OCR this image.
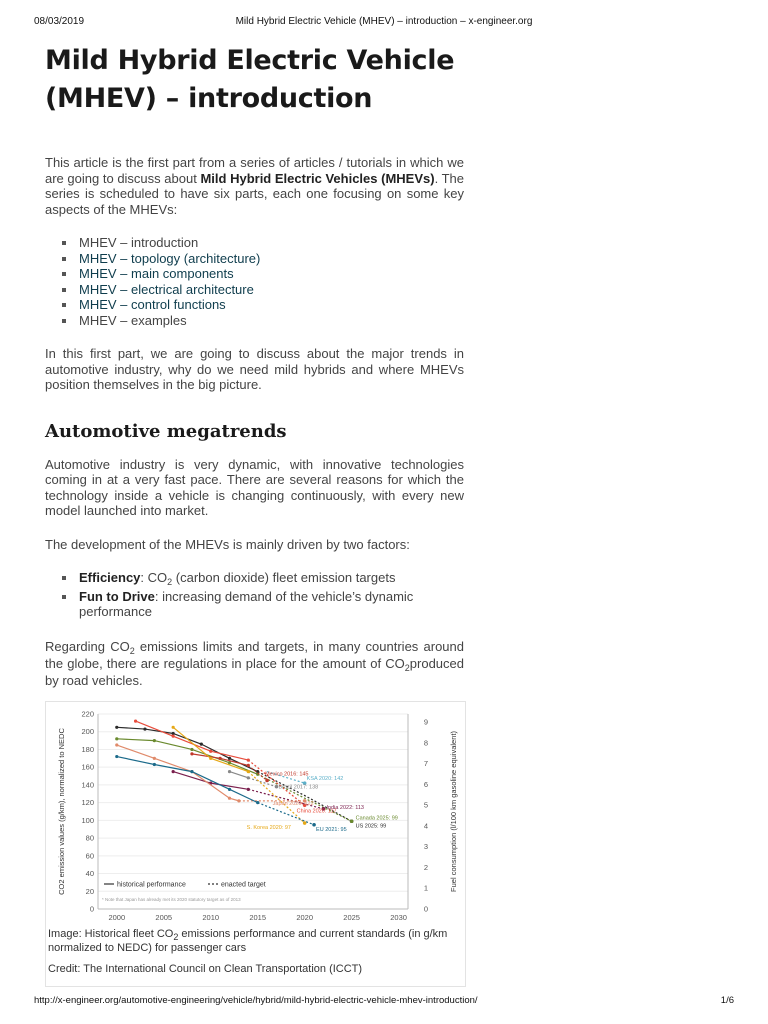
08/03/2019	Mild Hybrid Electric Vehicle (MHEV) – introduction – x-engineer.org
Mild Hybrid Electric Vehicle
(MHEV) – introduction

This article is the first part from a series of articles / tutorials in which we are going to discuss about Mild Hybrid Electric Vehicles (MHEVs). The series is scheduled to have six parts, each one focusing on some key aspects of the MHEVs:

MHEV – introduction
MHEV – topology (architecture)
MHEV – main components
MHEV – electrical architecture
MHEV – control functions
MHEV – examples

In this first part, we are going to discuss about the major trends in automotive industry, why do we need mild hybrids and where MHEVs position themselves in the big picture.

Automotive megatrends

Automotive industry is very dynamic, with innovative technologies coming in at a very fast pace. There are several reasons for which the technology inside a vehicle is changing continuously, with every new model launched into market.

The development of the MHEVs is mainly driven by two factors:

Efficiency: $CO_2$ (carbon dioxide) fleet emission targets
Fun to Drive: increasing demand of the vehicle’s dynamic performance

Regarding $CO_2$ emissions limits and targets, in many countries around the globe, there are regulations in place for the amount of $CO_2produced$ by road vehicles.

0
20
40
60
80
100
120
140
160
180
200
220
0
1
2
3
4
5
6
7
8
9
2000	2005	2010	2015	2020	2025	2030
CO2 emission values (g/km), normalized to NEDC	Fuel consumption (l/100 km gasoline equivalent)
US 2025: 99
Canada 2025: 99
Mexico 2016: 145
KSA 2020: 142
Brazil 2017: 138
China 2020: 117
India 2022: 113
Japan 2020: 122
S. Korea 2020: 97	EU 2021: 95
historical performance	enacted target
* Note that Japan has already met its 2020 statutory target as of 2013
Image: Historical fleet $CO_2$ emissions performance and current standards (in g/km normalized to NEDC) for passenger cars
Credit: The International Council on Clean Transportation (ICCT)
http://x-engineer.org/automotive-engineering/vehicle/hybrid/mild-hybrid-electric-vehicle-mhev-introduction/	1/6
